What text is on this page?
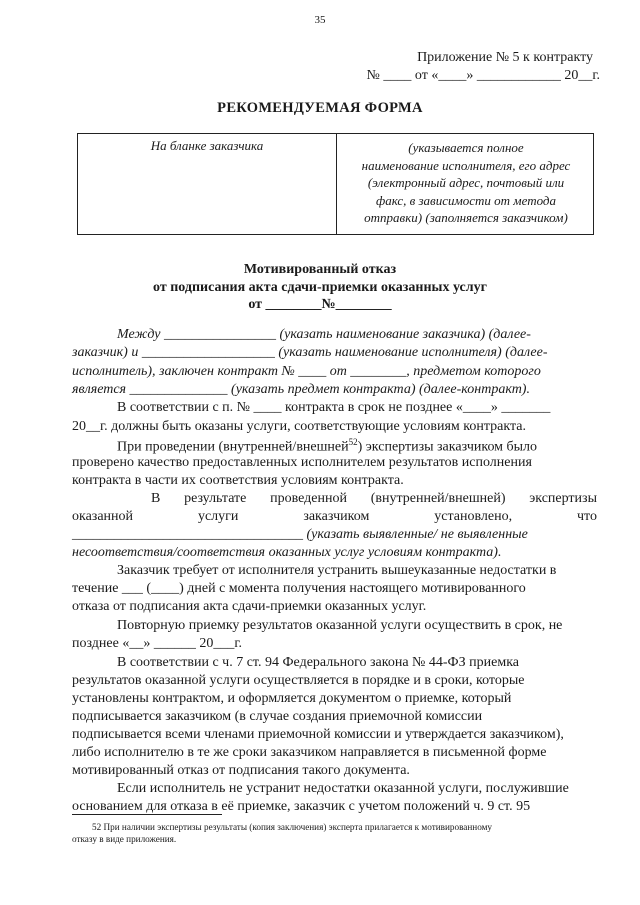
35
Приложение № 5 к контракту
№ ____ от «____» ____________ 20__г.
РЕКОМЕНДУЕМАЯ ФОРМА
На бланке заказчика	(указывается полное
наименование исполнителя, его адрес
(электронный адрес, почтовый или
факс, в зависимости от метода
отправки) (заполняется заказчиком)
Мотивированный отказ
от подписания акта сдачи-приемки оказанных услуг
от ________№________
Между ________________ (указать наименование заказчика) (далее-
заказчик) и ___________________ (указать наименование исполнителя) (далее-
исполнитель), заключен контракт № ____ от ________, предметом которого
является ______________ (указать предмет контракта) (далее-контракт).
В соответствии с п. № ____ контракта в срок не позднее «____» _______
20__г. должны быть оказаны услуги, соответствующие условиям контракта.
При проведении (внутренней/внешней$^{52}$) экспертизы заказчиком было
проверено качество предоставленных исполнителем результатов исполнения
контракта в части их соответствия условиям контракта.
В результате проведенной (внутренней/внешней) экспертизы
оказанной	услуги	заказчиком	установлено,	что
_________________________________ (указать выявленные/ не выявленные
несоответствия/соответствия оказанных услуг условиям контракта).
Заказчик требует от исполнителя устранить вышеуказанные недостатки в
течение ___ (____) дней с момента получения настоящего мотивированного
отказа от подписания акта сдачи-приемки оказанных услуг.
Повторную приемку результатов оказанной услуги осуществить в срок, не
позднее «__» ______ 20___г.
В соответствии с ч. 7 ст. 94 Федерального закона № 44-ФЗ приемка
результатов оказанной услуги осуществляется в порядке и в сроки, которые
установлены контрактом, и оформляется документом о приемке, который
подписывается заказчиком (в случае создания приемочной комиссии
подписывается всеми членами приемочной комиссии и утверждается заказчиком),
либо исполнителю в те же сроки заказчиком направляется в письменной форме
мотивированный отказ от подписания такого документа.
Если исполнитель не устранит недостатки оказанной услуги, послужившие
основанием для отказа в её приемке, заказчик с учетом положений ч. 9 ст. 95
52 При наличии экспертизы результаты (копия заключения) эксперта прилагается к мотивированному
отказу в виде приложения.
